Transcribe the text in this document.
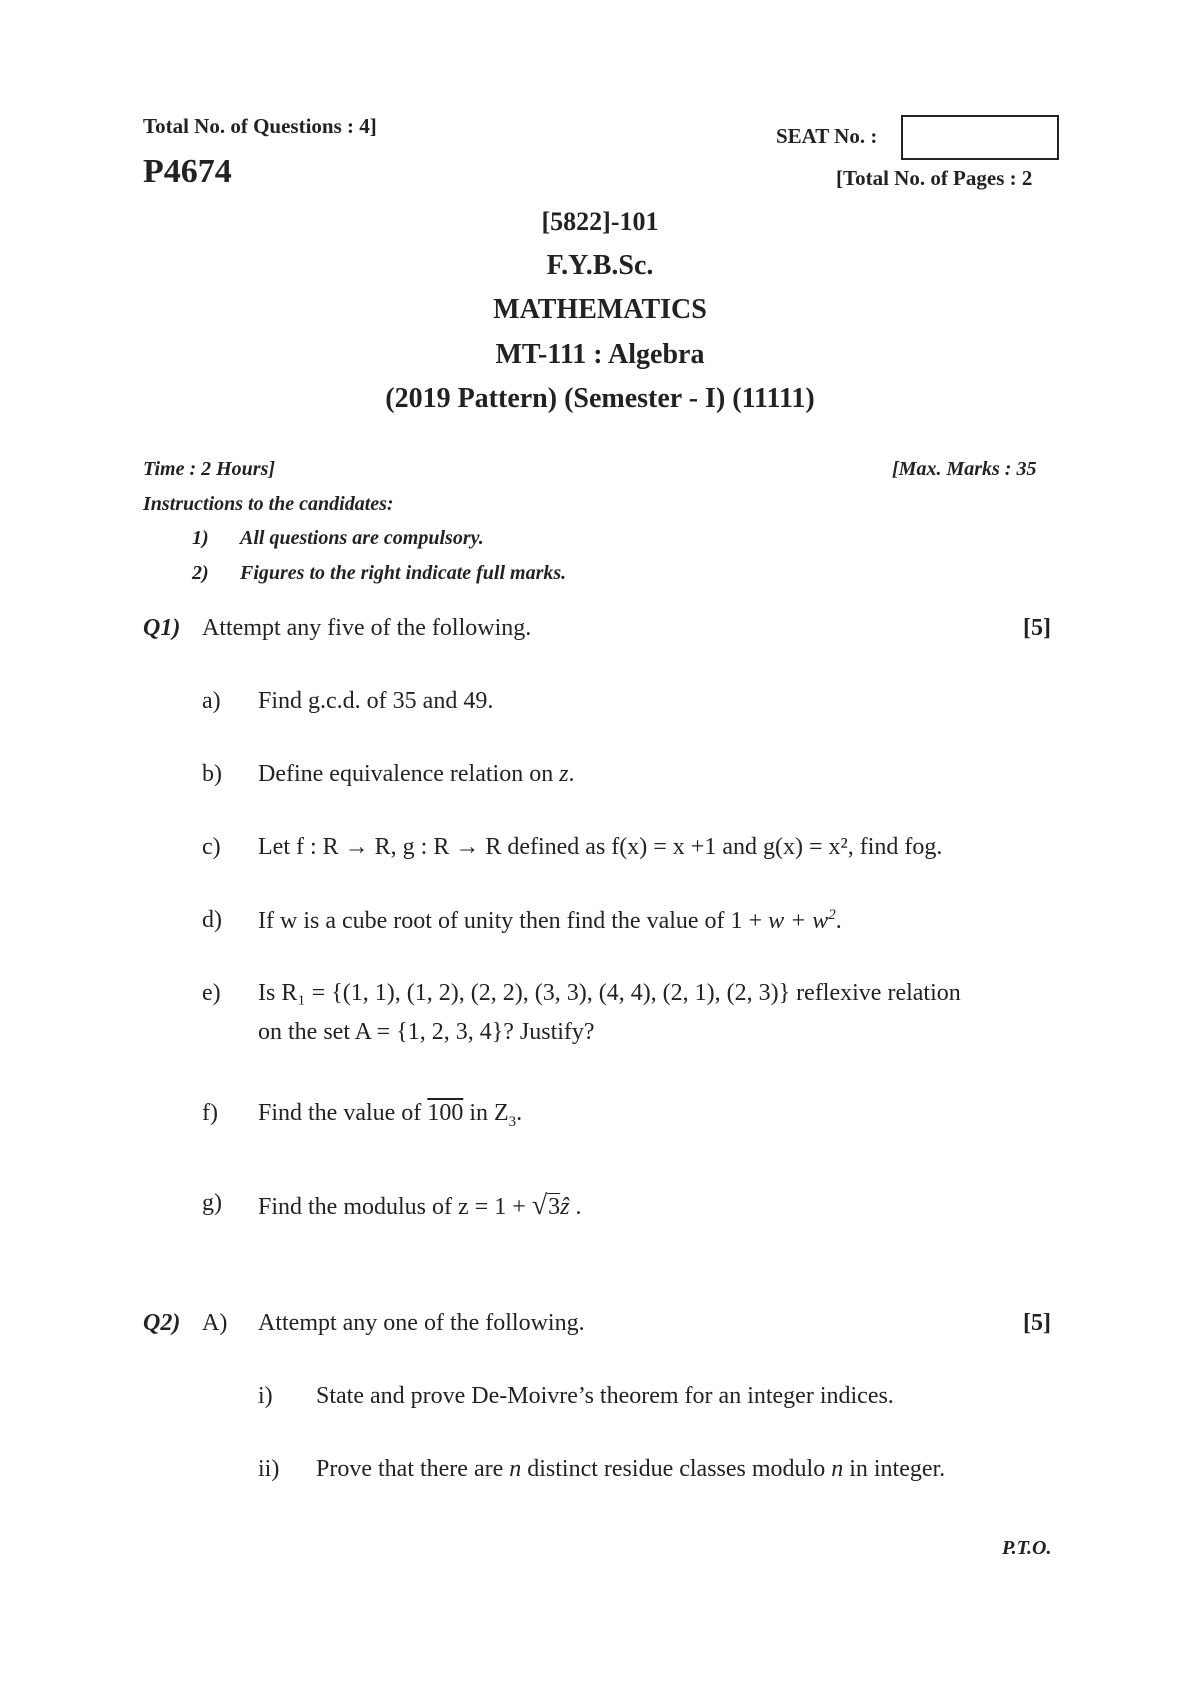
Total No. of Questions : 4]	SEAT No. :
P4674	[Total No. of Pages : 2
[5822]-101
F.Y.B.Sc.
MATHEMATICS
MT-111 : Algebra
(2019 Pattern) (Semester - I) (11111)
Time : 2 Hours]	[Max. Marks : 35
Instructions to the candidates:
1) All questions are compulsory.
2) Figures to the right indicate full marks.
Q1) Attempt any five of the following.	[5]
a) Find g.c.d. of 35 and 49.
b) Define equivalence relation on z.
c) Let f : R → R, g : R → R defined as f(x) = x +1 and g(x) = x², find fog.
d) If w is a cube root of unity then find the value of $1 + w + w^2$.
e) Is R₁ = {(1, 1), (1, 2), (2, 2), (3, 3), (4, 4), (2, 1), (2, 3)} reflexive relation
on the set A = {1, 2, 3, 4}? Justify?
f) Find the value of 100 in $Z_3$.
g) Find the modulus of z = 1 + √3ẑ .
Q2) A) Attempt any one of the following.	[5]
i) State and prove De-Moivre’s theorem for an integer indices.
ii) Prove that there are n distinct residue classes modulo n in integer.
P.T.O.
